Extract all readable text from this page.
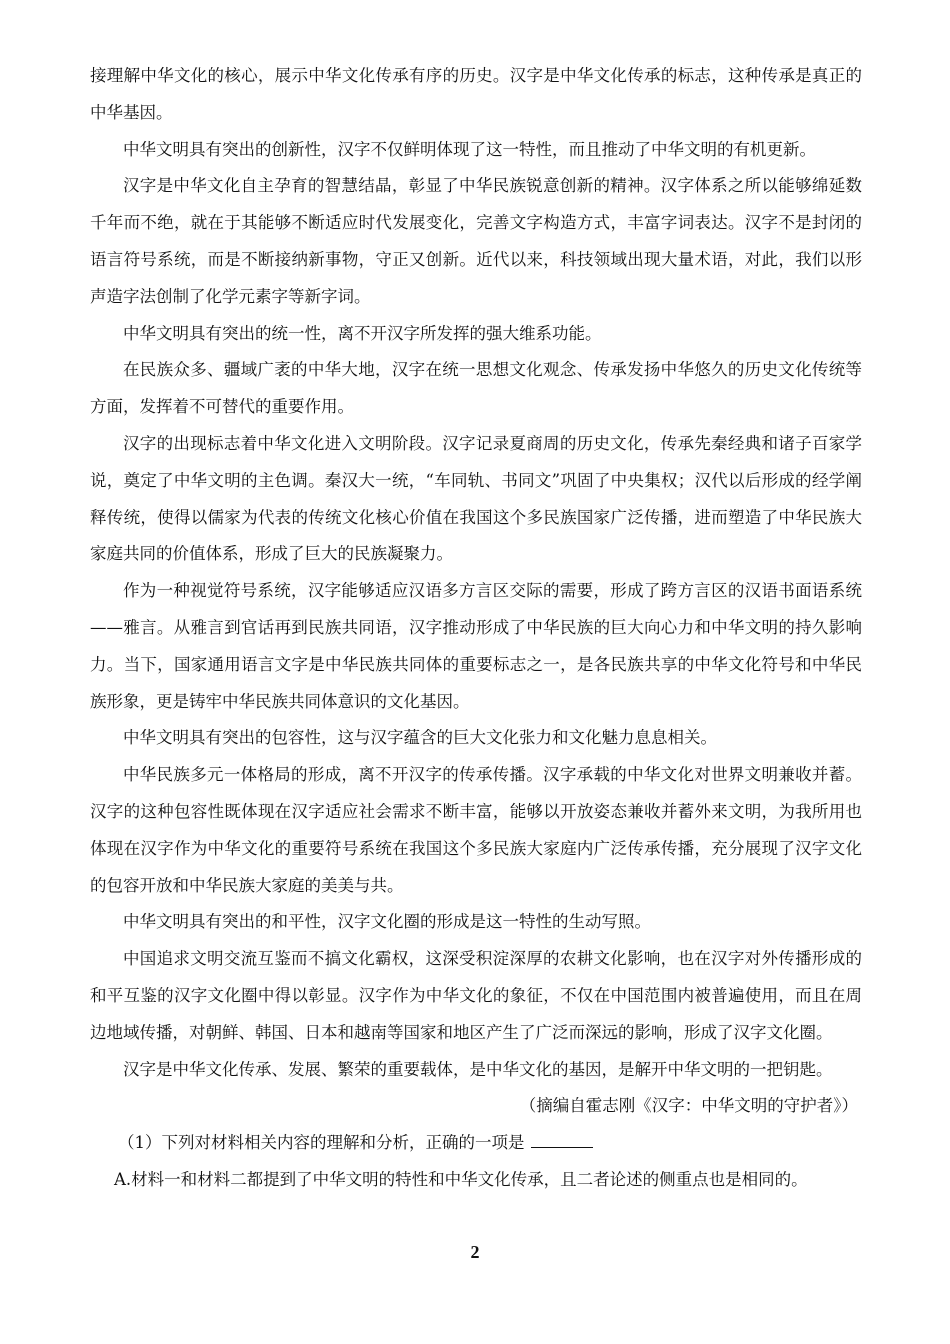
接理解中华文化的核心，展示中华文化传承有序的历史。汉字是中华文化传承的标志，这种传承是真正的中华基因。

中华文明具有突出的创新性，汉字不仅鲜明体现了这一特性，而且推动了中华文明的有机更新。

汉字是中华文化自主孕育的智慧结晶，彰显了中华民族锐意创新的精神。汉字体系之所以能够绵延数千年而不绝，就在于其能够不断适应时代发展变化，完善文字构造方式，丰富字词表达。汉字不是封闭的语言符号系统，而是不断接纳新事物，守正又创新。近代以来，科技领域出现大量术语，对此，我们以形声造字法创制了化学元素字等新字词。

中华文明具有突出的统一性，离不开汉字所发挥的强大维系功能。

在民族众多、疆域广袤的中华大地，汉字在统一思想文化观念、传承发扬中华悠久的历史文化传统等方面，发挥着不可替代的重要作用。

汉字的出现标志着中华文化进入文明阶段。汉字记录夏商周的历史文化，传承先秦经典和诸子百家学说，奠定了中华文明的主色调。秦汉大一统，“车同轨、书同文”巩固了中央集权；汉代以后形成的经学阐释传统，使得以儒家为代表的传统文化核心价值在我国这个多民族国家广泛传播，进而塑造了中华民族大家庭共同的价值体系，形成了巨大的民族凝聚力。

作为一种视觉符号系统，汉字能够适应汉语多方言区交际的需要，形成了跨方言区的汉语书面语系统——雅言。从雅言到官话再到民族共同语，汉字推动形成了中华民族的巨大向心力和中华文明的持久影响力。当下，国家通用语言文字是中华民族共同体的重要标志之一，是各民族共享的中华文化符号和中华民族形象，更是铸牢中华民族共同体意识的文化基因。

中华文明具有突出的包容性，这与汉字蕴含的巨大文化张力和文化魅力息息相关。

中华民族多元一体格局的形成，离不开汉字的传承传播。汉字承载的中华文化对世界文明兼收并蓄。汉字的这种包容性既体现在汉字适应社会需求不断丰富，能够以开放姿态兼收并蓄外来文明，为我所用也体现在汉字作为中华文化的重要符号系统在我国这个多民族大家庭内广泛传承传播，充分展现了汉字文化的包容开放和中华民族大家庭的美美与共。

中华文明具有突出的和平性，汉字文化圈的形成是这一特性的生动写照。

中国追求文明交流互鉴而不搞文化霸权，这深受积淀深厚的农耕文化影响，也在汉字对外传播形成的和平互鉴的汉字文化圈中得以彰显。汉字作为中华文化的象征，不仅在中国范围内被普遍使用，而且在周边地域传播，对朝鲜、韩国、日本和越南等国家和地区产生了广泛而深远的影响，形成了汉字文化圈。

汉字是中华文化传承、发展、繁荣的重要载体，是中华文化的基因，是解开中华文明的一把钥匙。

（摘编自霍志刚《汉字：中华文明的守护者》）

（1）下列对材料相关内容的理解和分析，正确的一项是

A.材料一和材料二都提到了中华文明的特性和中华文化传承，且二者论述的侧重点也是相同的。

2
